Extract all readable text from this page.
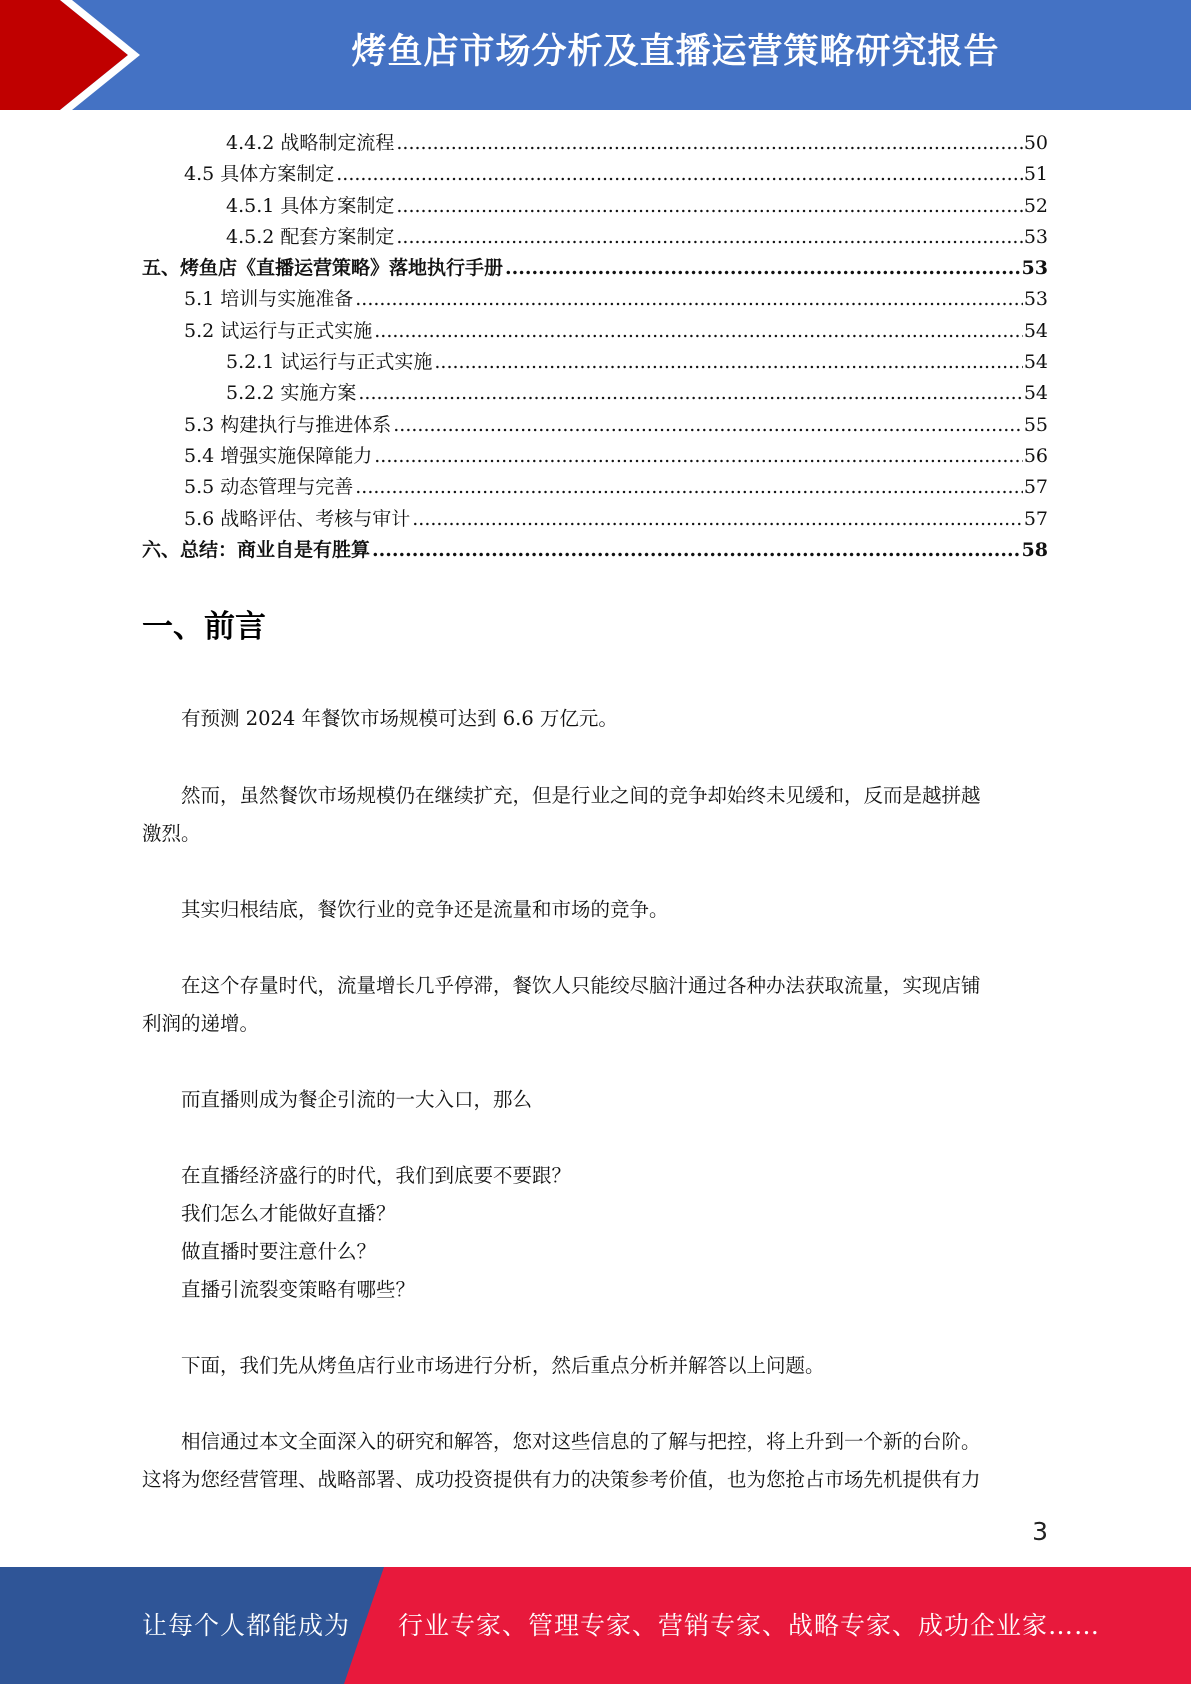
烤鱼店市场分析及直播运营策略研究报告
4.4.2 战略制定流程 .....	50
4.5 具体方案制定 .....	51
4.5.1 具体方案制定 .....	52
4.5.2 配套方案制定 .....	53
五、烤鱼店《直播运营策略》落地执行手册 .....	53
5.1 培训与实施准备 .....	53
5.2 试运行与正式实施 .....	54
5.2.1 试运行与正式实施 .....	54
5.2.2 实施方案 .....	54
5.3 构建执行与推进体系 .....	55
5.4 增强实施保障能力 .....	56
5.5 动态管理与完善 .....	57
5.6 战略评估、考核与审计 .....	57
六、总结：商业自是有胜算 .....	58
一、前言
有预测 2024 年餐饮市场规模可达到 6.6 万亿元。
然而，虽然餐饮市场规模仍在继续扩充，但是行业之间的竞争却始终未见缓和，反而是越拼越
激烈。
其实归根结底，餐饮行业的竞争还是流量和市场的竞争。
在这个存量时代，流量增长几乎停滞，餐饮人只能绞尽脑汁通过各种办法获取流量，实现店铺
利润的递增。
而直播则成为餐企引流的一大入口，那么
在直播经济盛行的时代，我们到底要不要跟？
我们怎么才能做好直播？
做直播时要注意什么？
直播引流裂变策略有哪些？
下面，我们先从烤鱼店行业市场进行分析，然后重点分析并解答以上问题。
相信通过本文全面深入的研究和解答，您对这些信息的了解与把控，将上升到一个新的台阶。
这将为您经营管理、战略部署、成功投资提供有力的决策参考价值，也为您抢占市场先机提供有力
3
让每个人都能成为 行业专家、管理专家、营销专家、战略专家、成功企业家……
